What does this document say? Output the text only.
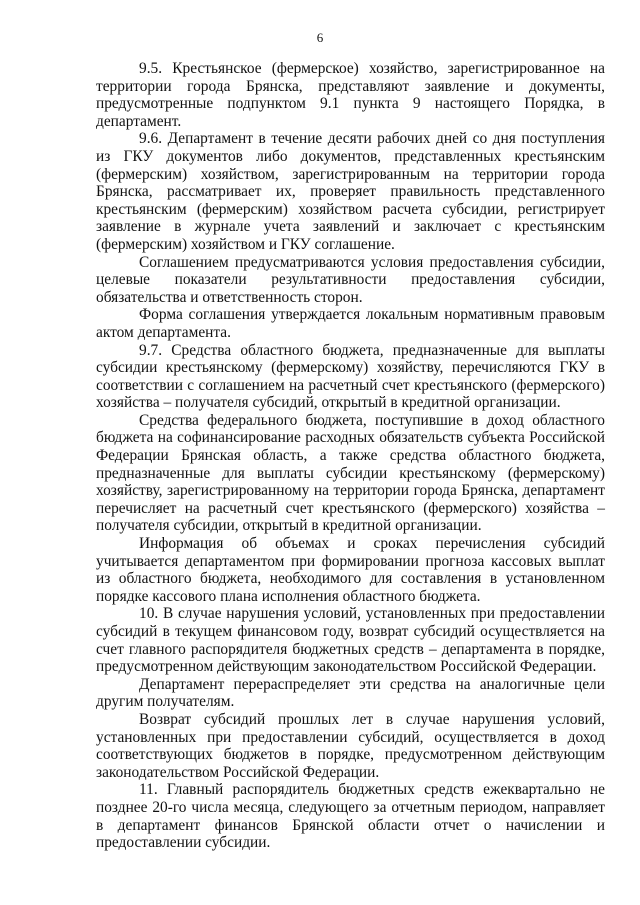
6

9.5. Крестьянское (фермерское) хозяйство, зарегистрированное на территории города Брянска, представляют заявление и документы, предусмотренные подпунктом 9.1 пункта 9 настоящего Порядка, в департамент.

9.6. Департамент в течение десяти рабочих дней со дня поступления из ГКУ документов либо документов, представленных крестьянским (фермерским) хозяйством, зарегистрированным на территории города Брянска, рассматривает их, проверяет правильность представленного крестьянским (фермерским) хозяйством расчета субсидии, регистрирует заявление в журнале учета заявлений и заключает с крестьянским (фермерским) хозяйством и ГКУ соглашение.

Соглашением предусматриваются условия предоставления субсидии, целевые показатели результативности предоставления субсидии, обязательства и ответственность сторон.

Форма соглашения утверждается локальным нормативным правовым актом департамента.

9.7. Средства областного бюджета, предназначенные для выплаты субсидии крестьянскому (фермерскому) хозяйству, перечисляются ГКУ в соответствии с соглашением на расчетный счет крестьянского (фермерского) хозяйства – получателя субсидий, открытый в кредитной организации.

Средства федерального бюджета, поступившие в доход областного бюджета на софинансирование расходных обязательств субъекта Российской Федерации Брянская область, а также средства областного бюджета, предназначенные для выплаты субсидии крестьянскому (фермерскому) хозяйству, зарегистрированному на территории города Брянска, департамент перечисляет на расчетный счет крестьянского (фермерского) хозяйства – получателя субсидии, открытый в кредитной организации.

Информация об объемах и сроках перечисления субсидий учитывается департаментом при формировании прогноза кассовых выплат из областного бюджета, необходимого для составления в установленном порядке кассового плана исполнения областного бюджета.

10. В случае нарушения условий, установленных при предоставлении субсидий в текущем финансовом году, возврат субсидий осуществляется на счет главного распорядителя бюджетных средств – департамента в порядке, предусмотренном действующим законодательством Российской Федерации.

Департамент перераспределяет эти средства на аналогичные цели другим получателям.

Возврат субсидий прошлых лет в случае нарушения условий, установленных при предоставлении субсидий, осуществляется в доход соответствующих бюджетов в порядке, предусмотренном действующим законодательством Российской Федерации.

11. Главный распорядитель бюджетных средств ежеквартально не позднее 20-го числа месяца, следующего за отчетным периодом, направляет в департамент финансов Брянской области отчет о начислении и предоставлении субсидии.
